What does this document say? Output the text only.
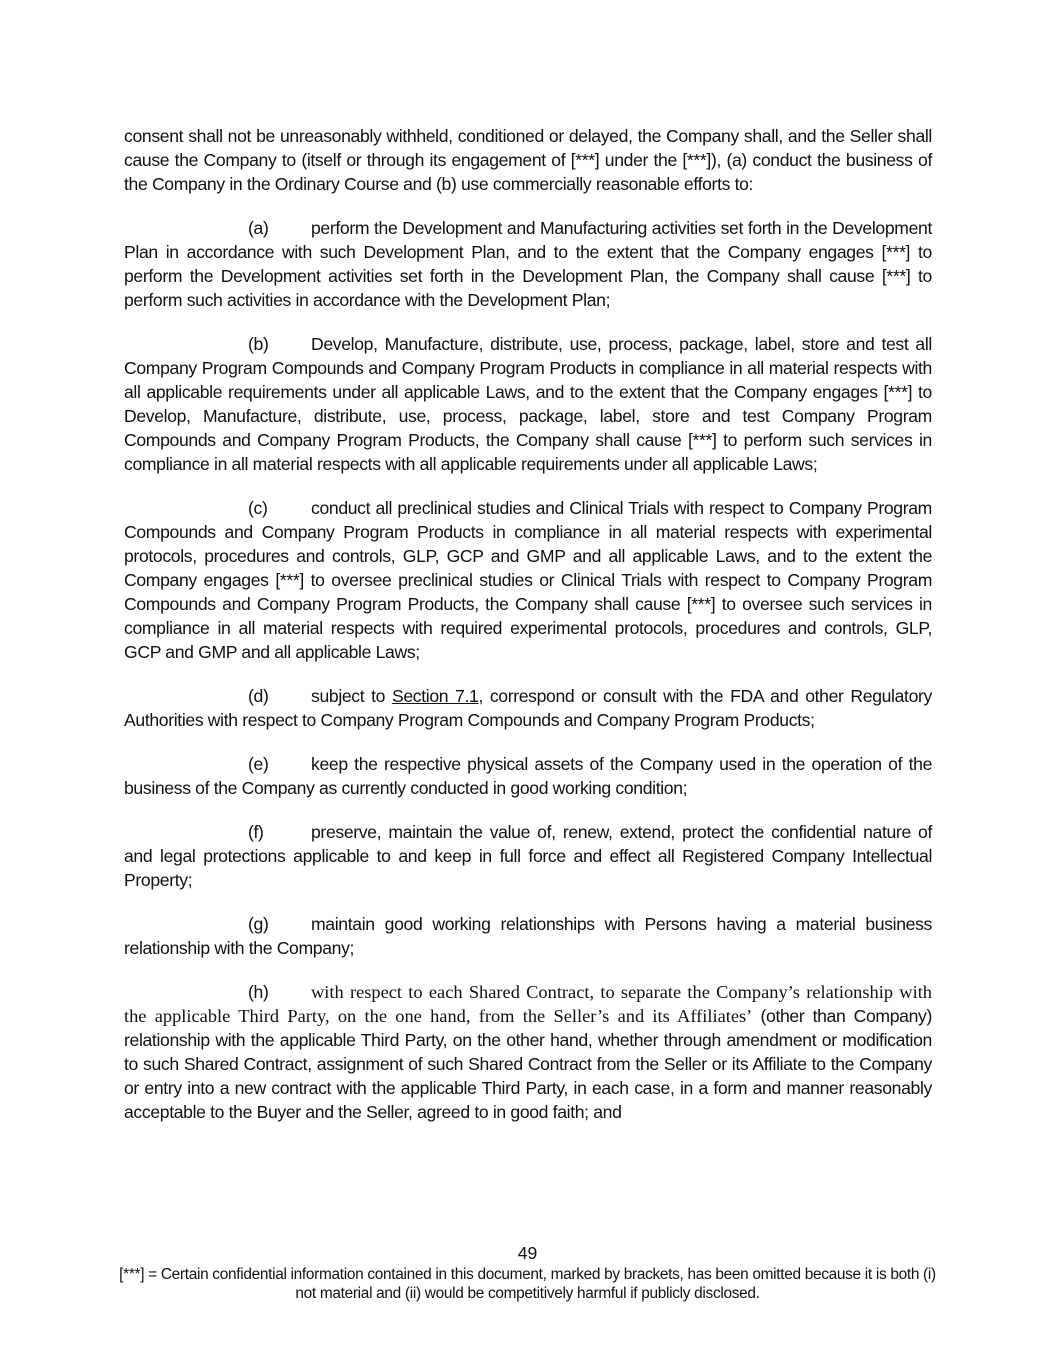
consent shall not be unreasonably withheld, conditioned or delayed, the Company shall, and the Seller shall cause the Company to (itself or through its engagement of [***] under the [***]), (a) conduct the business of the Company in the Ordinary Course and (b) use commercially reasonable efforts to:

(a) perform the Development and Manufacturing activities set forth in the Development Plan in accordance with such Development Plan, and to the extent that the Company engages [***] to perform the Development activities set forth in the Development Plan, the Company shall cause [***] to perform such activities in accordance with the Development Plan;

(b) Develop, Manufacture, distribute, use, process, package, label, store and test all Company Program Compounds and Company Program Products in compliance in all material respects with all applicable requirements under all applicable Laws, and to the extent that the Company engages [***] to Develop, Manufacture, distribute, use, process, package, label, store and test Company Program Compounds and Company Program Products, the Company shall cause [***] to perform such services in compliance in all material respects with all applicable requirements under all applicable Laws;

(c) conduct all preclinical studies and Clinical Trials with respect to Company Program Compounds and Company Program Products in compliance in all material respects with experimental protocols, procedures and controls, GLP, GCP and GMP and all applicable Laws, and to the extent the Company engages [***] to oversee preclinical studies or Clinical Trials with respect to Company Program Compounds and Company Program Products, the Company shall cause [***] to oversee such services in compliance in all material respects with required experimental protocols, procedures and controls, GLP, GCP and GMP and all applicable Laws;

(d) subject to Section 7.1, correspond or consult with the FDA and other Regulatory Authorities with respect to Company Program Compounds and Company Program Products;

(e) keep the respective physical assets of the Company used in the operation of the business of the Company as currently conducted in good working condition;

(f)	preserve, maintain the value of, renew, extend, protect the confidential nature of and legal protections applicable to and keep in full force and effect all Registered Company Intellectual Property;

(g) maintain good working relationships with Persons having a material business relationship with the Company;

(h) with respect to each Shared Contract, to separate the Company’s relationship with the applicable Third Party, on the one hand, from the Seller’s and its Affiliates’ (other than Company) relationship with the applicable Third Party, on the other hand, whether through amendment or modification to such Shared Contract, assignment of such Shared Contract from the Seller or its Affiliate to the Company or entry into a new contract with the applicable Third Party, in each case, in a form and manner reasonably acceptable to the Buyer and the Seller, agreed to in good faith; and

49
[***] = Certain confidential information contained in this document, marked by brackets, has been omitted because it is both (i) not material and (ii) would be competitively harmful if publicly disclosed.
